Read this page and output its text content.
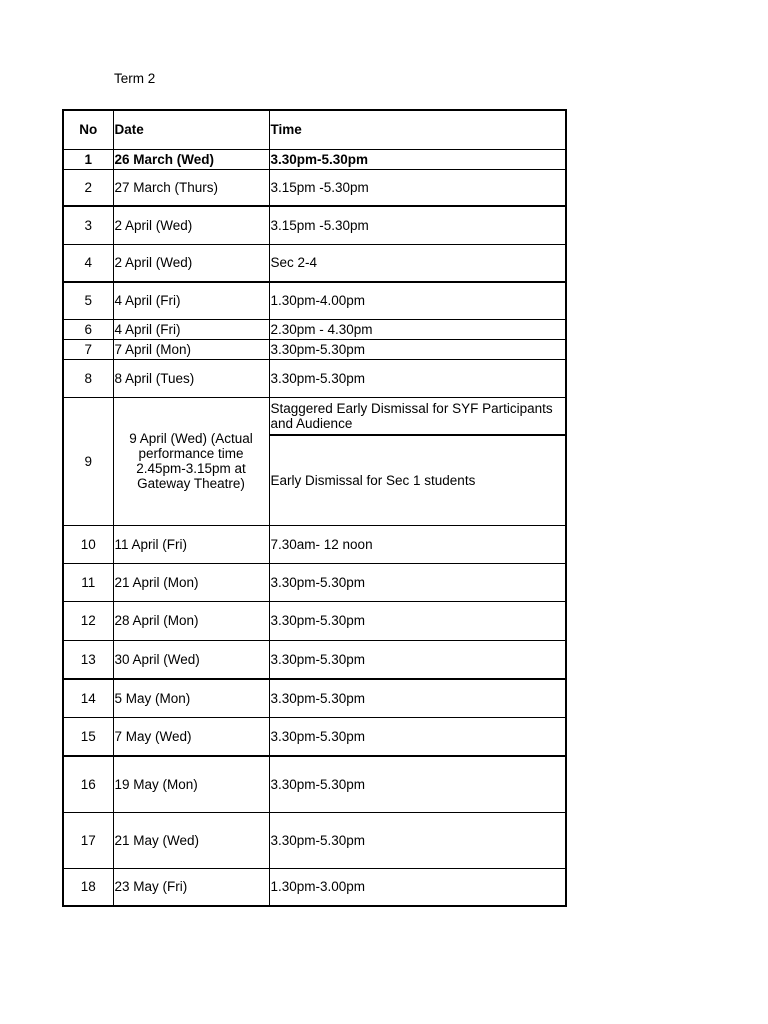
Term 2
No	Date	Time
1	26 March (Wed)	3.30pm-5.30pm
2	27 March (Thurs)	3.15pm -5.30pm
3	2 April (Wed)	3.15pm -5.30pm
4	2 April (Wed)	Sec 2-4
5	4 April (Fri)	1.30pm-4.00pm
6	4 April (Fri)	2.30pm - 4.30pm
7	7 April (Mon)	3.30pm-5.30pm
8	8 April (Tues)	3.30pm-5.30pm
9	9 April (Wed) (Actual performance time 2.45pm-3.15pm at Gateway Theatre)	Staggered Early Dismissal for SYF Participants and Audience
		Early Dismissal for Sec 1 students
10	11 April (Fri)	7.30am- 12 noon
11	21 April (Mon)	3.30pm-5.30pm
12	28 April (Mon)	3.30pm-5.30pm
13	30 April (Wed)	3.30pm-5.30pm
14	5 May (Mon)	3.30pm-5.30pm
15	7 May (Wed)	3.30pm-5.30pm
16	19 May (Mon)	3.30pm-5.30pm
17	21 May (Wed)	3.30pm-5.30pm
18	23 May (Fri)	1.30pm-3.00pm
